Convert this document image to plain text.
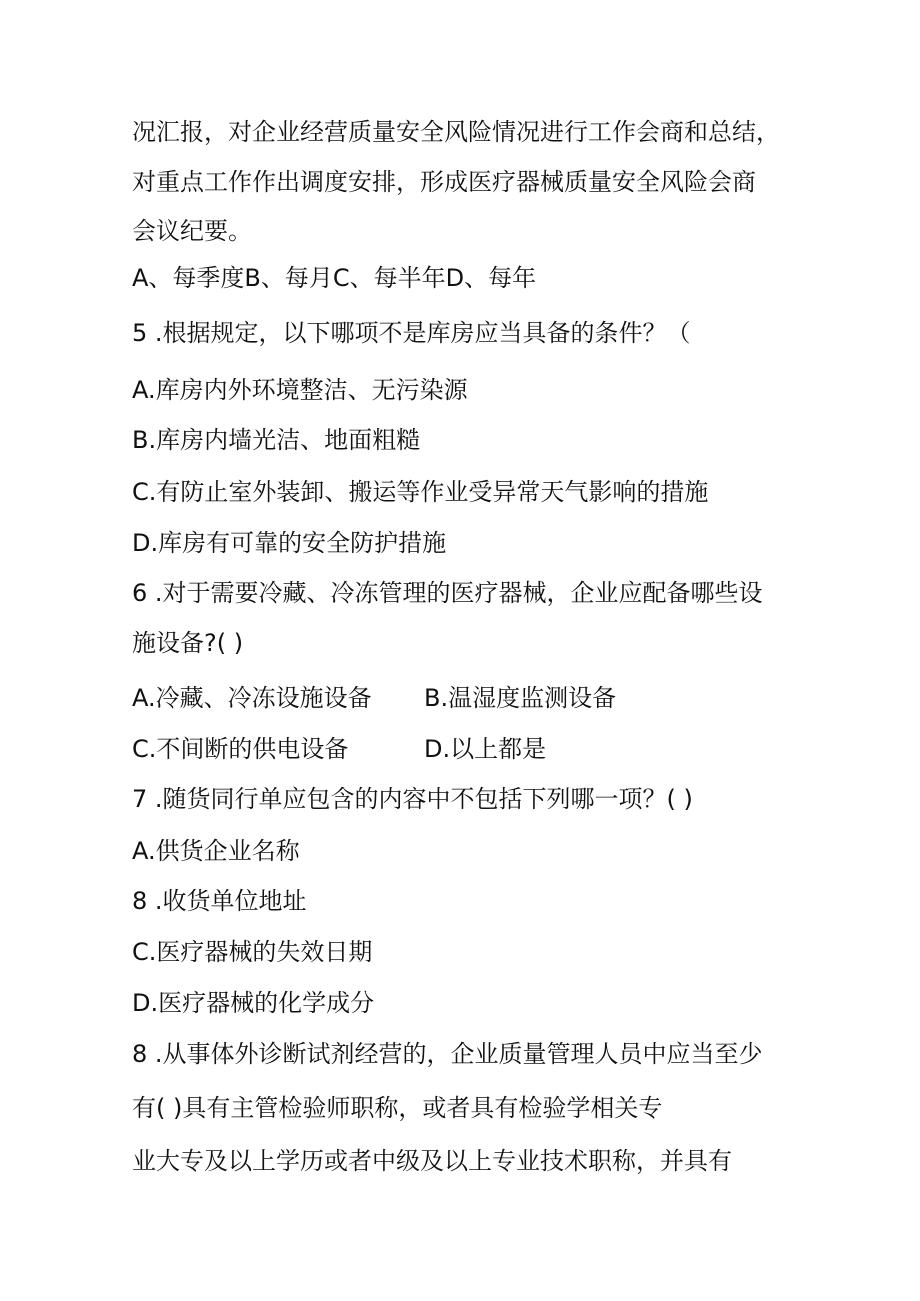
况汇报，对企业经营质量安全风险情况进行工作会商和总结，
对重点工作作出调度安排，形成医疗器械质量安全风险会商
会议纪要。
A、每季度B、每月C、每半年D、每年
5 .根据规定，以下哪项不是库房应当具备的条件？（
A.库房内外环境整洁、无污染源
B.库房内墙光洁、地面粗糙
C.有防止室外装卸、搬运等作业受异常天气影响的措施
D.库房有可靠的安全防护措施
6 .对于需要冷藏、冷冻管理的医疗器械，企业应配备哪些设
施设备?( )
A.冷藏、冷冻设施设备 B.温湿度监测设备
C.不间断的供电设备	D.以上都是
7 .随货同行单应包含的内容中不包括下列哪一项？( )
A.供货企业名称
8 .收货单位地址
C.医疗器械的失效日期
D.医疗器械的化学成分
8 .从事体外诊断试剂经营的，企业质量管理人员中应当至少
有( )具有主管检验师职称，或者具有检验学相关专
业大专及以上学历或者中级及以上专业技术职称，并具有
